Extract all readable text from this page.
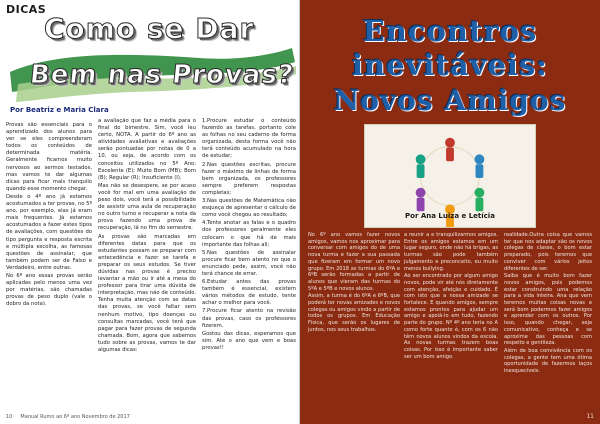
DICAS
Como se Dar
Bem nas Provas?
Por Beatriz e Maria Clara

Provas são essenciais para o aprendizado dos alunos para ver se eles compreenderam todos os conteúdos de determinada matéria. Geralmente ficamos muito nervosos ao sermos testados, mas vamos te dar algumas dicas para ficar mais tranquilo quando esse momento chegar.

Desde o 4º ano já estamos acostumados a ter provas, no 5º ano, por exemplo, elas já eram mais frequentes. Já estamos acostumados a fazer estes tipos de avaliações, com questões do tipo pergunta e resposta escrita e múltipla escolha, as famosas questões de assinalar, que também podem ser de Falso e Verdadeiro, entre outras.

No 6º ano essas provas serão aplicadas pelo menos uma vez por matérias, são chamadas provas de peso duplo (vale o dobro da nota).

a avaliação que faz a média para o final do bimestre. Sim, você leu certo, NOTA. A partir do 6º ano as atividades avaliativas e avaliações serão pontuadas por notas de 0 a 10, ou seja, de acordo com os conceitos utilizados no 5º Ano: Excelente (E); Muito Bom (MB); Bom (B); Regular (R); Insuficiente (I).

Mas não se desespere, se por acaso você for mal em uma avaliação de peso dois, você terá a possibilidade de assistir uma aula de recuperação no outro turno e recuperar a nota da prova fazendo uma prova de recuperação, lá no fim do semestre.

As provas são marcadas em diferentes datas para que os estudantes possam se preparar com antecedência e fazer se tarefa e preparar os seus estudos. Se tiver dúvidas nas provas é preciso levantar a mão ou ir até a mesa do professor para tirar uma dúvida de interpretação, mas não de conteúdo. Tenha muita atenção com as datas das provas, se você faltar sem nenhum motivo, tipo doenças ou consultas marcadas, você terá que pagar para fazer provas de segunda chamada. Bom, agora que sabemos tudo sobre as provas, vamos te dar algumas dicas:

1.Procure estudar o conteúdo fazendo as tarefas, portanto cole as folhas no seu caderno de forma organizada, desta forma você não terá conteúdo acumulado na hora de estudar;

2.Nas questões escritas, procure fazer o máximo de linhas de forma bem organizada, os professores sempre preferem respostas completas;

3.Nas questões de Matemática não esqueça de apresentar o cálculo de como você chegou ao resultado;

4.Tente anotar as falas e o quadro dos professores geralmente eles colocam o que há de mais importante das folhas ali;

5.Nas questões de assinalar procure ficar bem atento no que o enunciado pede, assim, você não terá chance de errar.

6.Estudar antes das provas também é essencial, existem vários métodos de estudo, tente achar o melhor para você.

7.Procure ficar atento na revisão das provas, caso os professores fizerem.

Gostou das dicas, esperamos que sim. Até o ano que vem e boas provas!!

10 Manual Rumo ao 6º ano Novembro de 2017
Encontros
inevitáveis:
Novos Amigos
Por Ana Luiza e Letícia

No 6º ano vamos fazer novos amigos, vamos nos aproximar para conversar com amigos do de uma nova turma e fazer a sua passada que fizeram em formar um novo grupo. Em 2018 as turmas do 6ºA e 6ºB serão formadas a partir de alunos que vieram das turmas do 5ºA e 5ºB e novos alunos.

Assim, a turma é do 6ºA e 6ºB, que poderá ter novas amizades e novos colegas ou amigos vindo a partir de todos os grupos. Em Educação Física, que serão os lugares de juntos, nos seus trabalhos.

a reunir a e tranquilizarmos amigos. Entre os amigos estamos em um lugar seguro, onde não há brigas, as turmas são pode também julgamento e preconceito, eu muito menos bullying.

Ao ser encontrado por algum amigo novos, pode vir até nós diretamente com atenção, afeição e cuidado. É com isto que a nossa amizade se fortalece. E quando amigos, sempre estamos prontos para ajudar um amigo e apoiá-lo em tudo, fazendo parte do grupo. Nº 4º ano teria no A como forte quanto é, com os 6 não têm novos alunos vindos da escola. As novas turmas trazem boas coisas. Por isso é importante saber ser um bom amigo.

realidade.Outra coisa que vamos ter que nos adaptar são os novos colegas de classe, o bom estar preparado, pois teremos que conviver com vários jeitos diferentes de ser.

Saiba que é muito bom fazer novos amigos, pois podemos estar construindo uma relação para a vida inteira. Ana que vem teremos muitas coisas novas e será bom podermos fazer amigos e aprender com os outros. Por isso, quando chegar, seja comunicativo, conheça e se aproxime das pessoas com respeito e gentileza.

Além de boa convivência com os colegas, a gente tem uma ótima oportunidade de fazermos laços inesquecíveis.

11
